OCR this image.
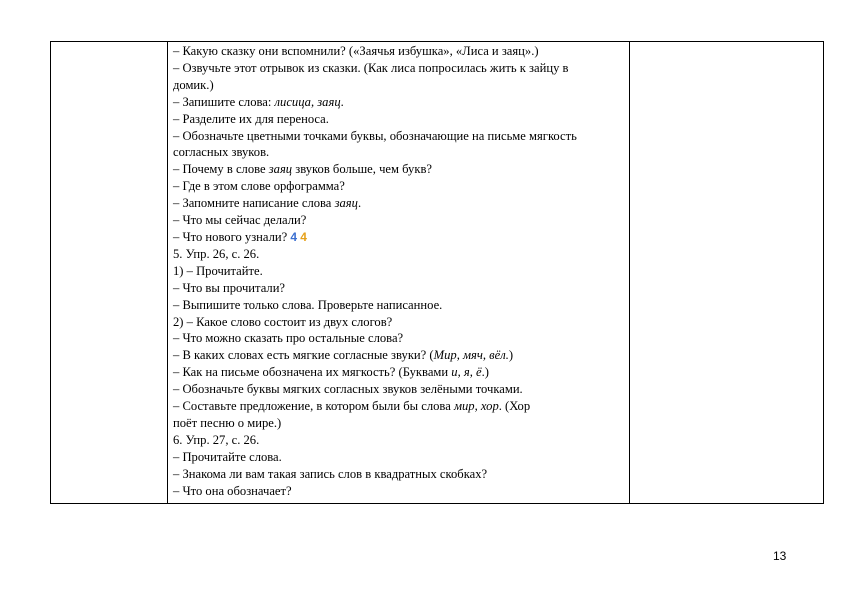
– Какую сказку они вспомнили? («Заячья избушка», «Лиса и заяц».)
– Озвучьте этот отрывок из сказки. (Как лиса попросилась жить к зайцу в
домик.)
– Запишите слова: лисица, заяц.
– Разделите их для переноса.
– Обозначьте цветными точками буквы, обозначающие на письме мягкость
согласных звуков.
– Почему в слове заяц звуков больше, чем букв?
– Где в этом слове орфограмма?
– Запомните написание слова заяц.
– Что мы сейчас делали?
– Что нового узнали? 4 4
5. Упр. 26, с. 26.
1) – Прочитайте.
– Что вы прочитали?
– Выпишите только слова. Проверьте написанное.
2) – Какое слово состоит из двух слогов?
– Что можно сказать про остальные слова?
– В каких словах есть мягкие согласные звуки? (Мир, мяч, вёл.)
– Как на письме обозначена их мягкость? (Буквами и, я, ё.)
– Обозначьте буквы мягких согласных звуков зелёными точками.
– Составьте предложение, в котором были бы слова мир, хор. (Хор
поёт песню о мире.)
6. Упр. 27, с. 26.
– Прочитайте слова.
– Знакома ли вам такая запись слов в квадратных скобках?
– Что она обозначает?

13
